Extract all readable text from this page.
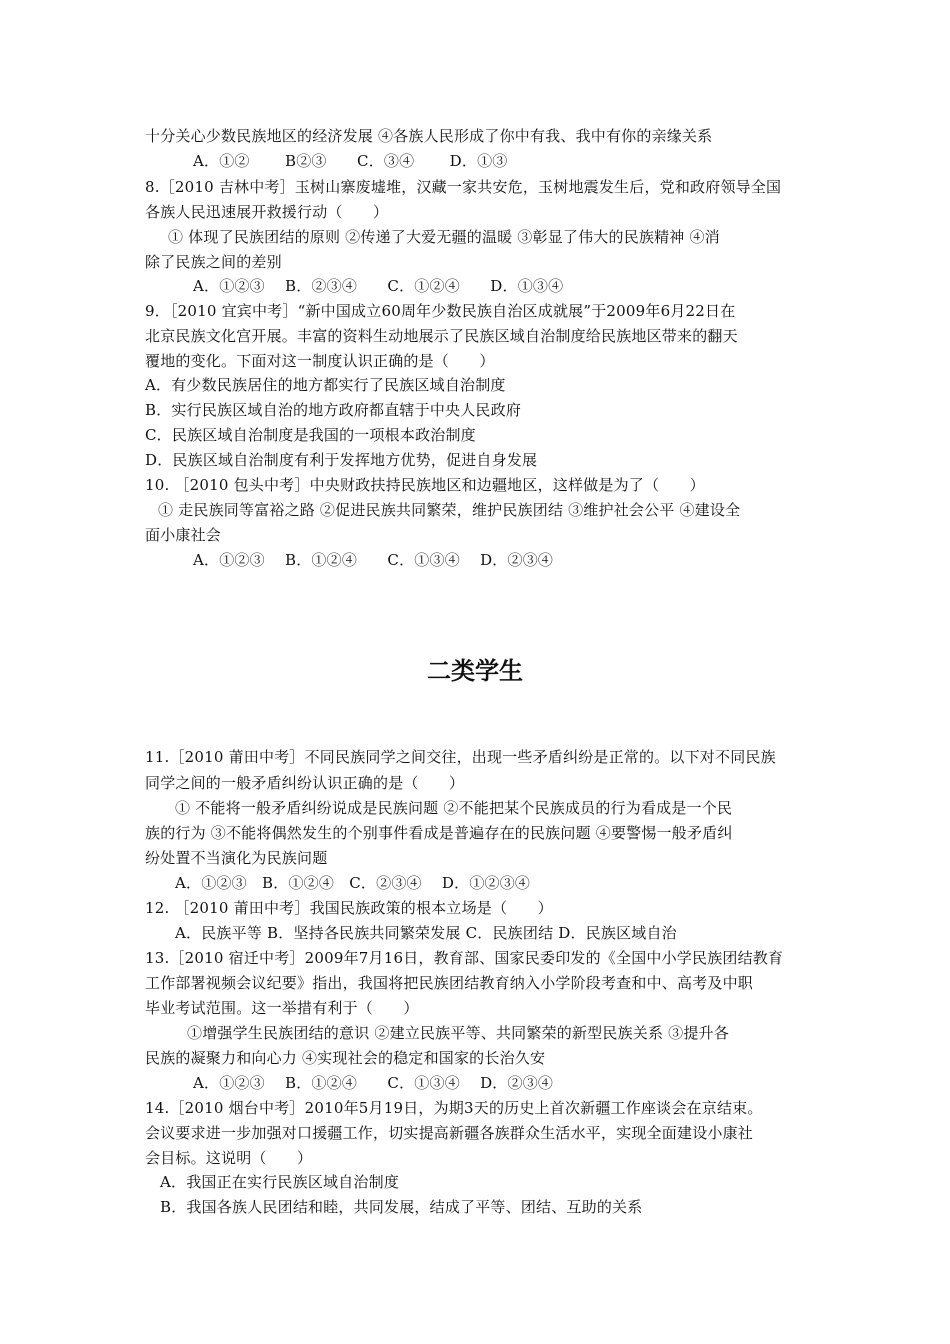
十分关心少数民族地区的经济发展 ④各族人民形成了你中有我、我中有你的亲缘关系
A．①②　　 B②③　　C．③④　　 D．①③
8.［2010 吉林中考］玉树山寨废墟堆，汉藏一家共安危，玉树地震发生后，党和政府领导全国
各族人民迅速展开救援行动（　　）
① 体现了民族团结的原则 ②传递了大爱无疆的温暖 ③彰显了伟大的民族精神 ④消
除了民族之间的差别
A．①②③　 B．②③④　　C．①②④　　D．①③④
9．［2010 宜宾中考］“新中国成立60周年少数民族自治区成就展”于2009年6月22日在
北京民族文化宫开展。丰富的资料生动地展示了民族区域自治制度给民族地区带来的翻天
覆地的变化。下面对这一制度认识正确的是（　　）
A．有少数民族居住的地方都实行了民族区域自治制度
B．实行民族区域自治的地方政府都直辖于中央人民政府
C．民族区域自治制度是我国的一项根本政治制度
D．民族区域自治制度有利于发挥地方优势，促进自身发展
10. ［2010 包头中考］中央财政扶持民族地区和边疆地区，这样做是为了（　　）
① 走民族同等富裕之路 ②促进民族共同繁荣，维护民族团结 ③维护社会公平 ④建设全
面小康社会
A．①②③　 B．①②④　　C．①③④　 D．②③④
二类学生
11.［2010 莆田中考］不同民族同学之间交往，出现一些矛盾纠纷是正常的。以下对不同民族
同学之间的一般矛盾纠纷认识正确的是（　　）
① 不能将一般矛盾纠纷说成是民族问题 ②不能把某个民族成员的行为看成是一个民
族的行为 ③不能将偶然发生的个别事件看成是普遍存在的民族问题 ④要警惕一般矛盾纠
纷处置不当演化为民族问题
A．①②③　B．①②④　C．②③④　 D．①②③④
12. ［2010 莆田中考］我国民族政策的根本立场是（　　）
A．民族平等 B．坚持各民族共同繁荣发展 C．民族团结 D．民族区域自治
13.［2010 宿迁中考］2009年7月16日，教育部、国家民委印发的《全国中小学民族团结教育
工作部署视频会议纪要》指出，我国将把民族团结教育纳入小学阶段考查和中、高考及中职
毕业考试范围。这一举措有利于（　　）
①增强学生民族团结的意识 ②建立民族平等、共同繁荣的新型民族关系 ③提升各
民族的凝聚力和向心力 ④实现社会的稳定和国家的长治久安
A．①②③　 B．①②④　　C．①③④　 D．②③④
14.［2010 烟台中考］2010年5月19日，为期3天的历史上首次新疆工作座谈会在京结束。
会议要求进一步加强对口援疆工作，切实提高新疆各族群众生活水平，实现全面建设小康社
会目标。这说明（　　）
A．我国正在实行民族区域自治制度
B．我国各族人民团结和睦，共同发展，结成了平等、团结、互助的关系
